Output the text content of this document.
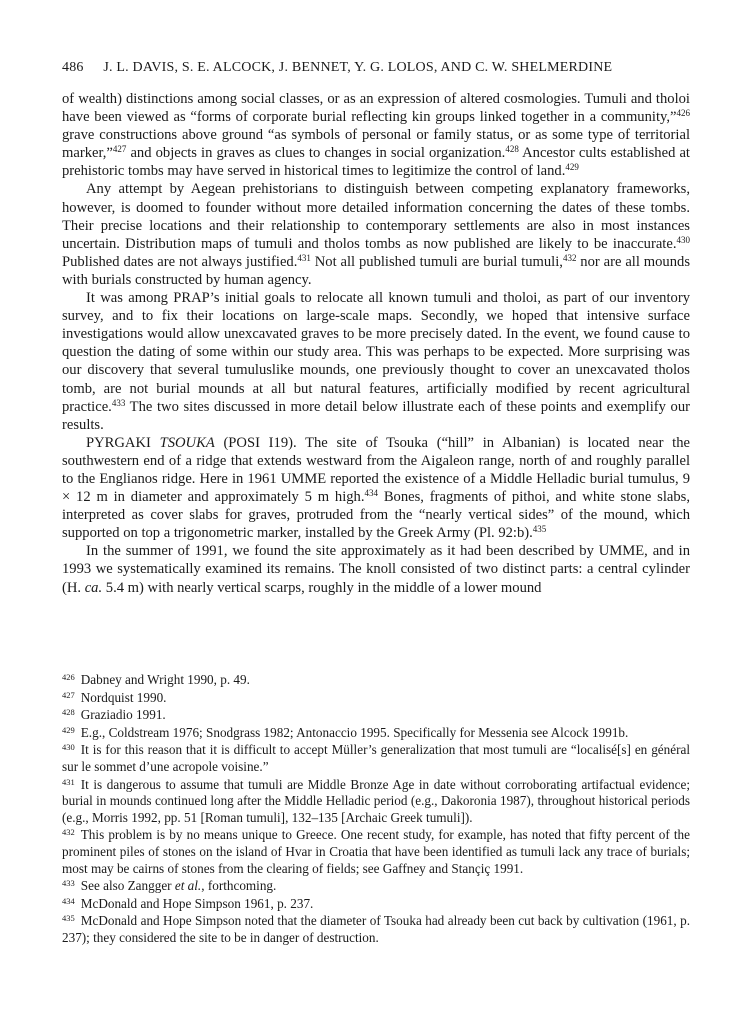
486 J. L. DAVIS, S. E. ALCOCK, J. BENNET, Y. G. LOLOS, AND C. W. SHELMERDINE

of wealth) distinctions among social classes, or as an expression of altered cosmologies. Tumuli and tholoi have been viewed as “forms of corporate burial reflecting kin groups linked together in a community,”$^{426}$ grave constructions above ground “as symbols of personal or family status, or as some type of territorial marker,”$^{427}$ and objects in graves as clues to changes in social organization.$^{428}$ Ancestor cults established at prehistoric tombs may have served in historical times to legitimize the control of land.$^{429}$

Any attempt by Aegean prehistorians to distinguish between competing explanatory frameworks, however, is doomed to founder without more detailed information concerning the dates of these tombs. Their precise locations and their relationship to contemporary settlements are also in most instances uncertain. Distribution maps of tumuli and tholos tombs as now published are likely to be inaccurate.$^{430}$ Published dates are not always justified.$^{431}$ Not all published tumuli are burial tumuli,$^{432}$ nor are all mounds with burials constructed by human agency.

It was among PRAP’s initial goals to relocate all known tumuli and tholoi, as part of our inventory survey, and to fix their locations on large-scale maps. Secondly, we hoped that intensive surface investigations would allow unexcavated graves to be more precisely dated. In the event, we found cause to question the dating of some within our study area. This was perhaps to be expected. More surprising was our discovery that several tumuluslike mounds, one previously thought to cover an unexcavated tholos tomb, are not burial mounds at all but natural features, artificially modified by recent agricultural practice.$^{433}$ The two sites discussed in more detail below illustrate each of these points and exemplify our results.

PYRGAKI TSOUKA (POSI I19). The site of Tsouka (“hill” in Albanian) is located near the southwestern end of a ridge that extends westward from the Aigaleon range, north of and roughly parallel to the Englianos ridge. Here in 1961 UMME reported the existence of a Middle Helladic burial tumulus, 9 × 12 m in diameter and approximately 5 m high.$^{434}$ Bones, fragments of pithoi, and white stone slabs, interpreted as cover slabs for graves, protruded from the “nearly vertical sides” of the mound, which supported on top a trigonometric marker, installed by the Greek Army (Pl. 92:b).$^{435}$

In the summer of 1991, we found the site approximately as it had been described by UMME, and in 1993 we systematically examined its remains. The knoll consisted of two distinct parts: a central cylinder (H. ca. 5.4 m) with nearly vertical scarps, roughly in the middle of a lower mound

$^{426}$ Dabney and Wright 1990, p. 49.
$^{427}$ Nordquist 1990.
$^{428}$ Graziadio 1991.
$^{429}$ E.g., Coldstream 1976; Snodgrass 1982; Antonaccio 1995. Specifically for Messenia see Alcock 1991b.
$^{430}$ It is for this reason that it is difficult to accept Müller’s generalization that most tumuli are “localisé[s] en général sur le sommet d’une acropole voisine.”
$^{431}$ It is dangerous to assume that tumuli are Middle Bronze Age in date without corroborating artifactual evidence; burial in mounds continued long after the Middle Helladic period (e.g., Dakoronia 1987), throughout historical periods (e.g., Morris 1992, pp. 51 [Roman tumuli], 132–135 [Archaic Greek tumuli]).
$^{432}$ This problem is by no means unique to Greece. One recent study, for example, has noted that fifty percent of the prominent piles of stones on the island of Hvar in Croatia that have been identified as tumuli lack any trace of burials; most may be cairns of stones from the clearing of fields; see Gaffney and Stançiç 1991.
$^{433}$ See also Zangger et al., forthcoming.
$^{434}$ McDonald and Hope Simpson 1961, p. 237.
$^{435}$ McDonald and Hope Simpson noted that the diameter of Tsouka had already been cut back by cultivation (1961, p. 237); they considered the site to be in danger of destruction.
